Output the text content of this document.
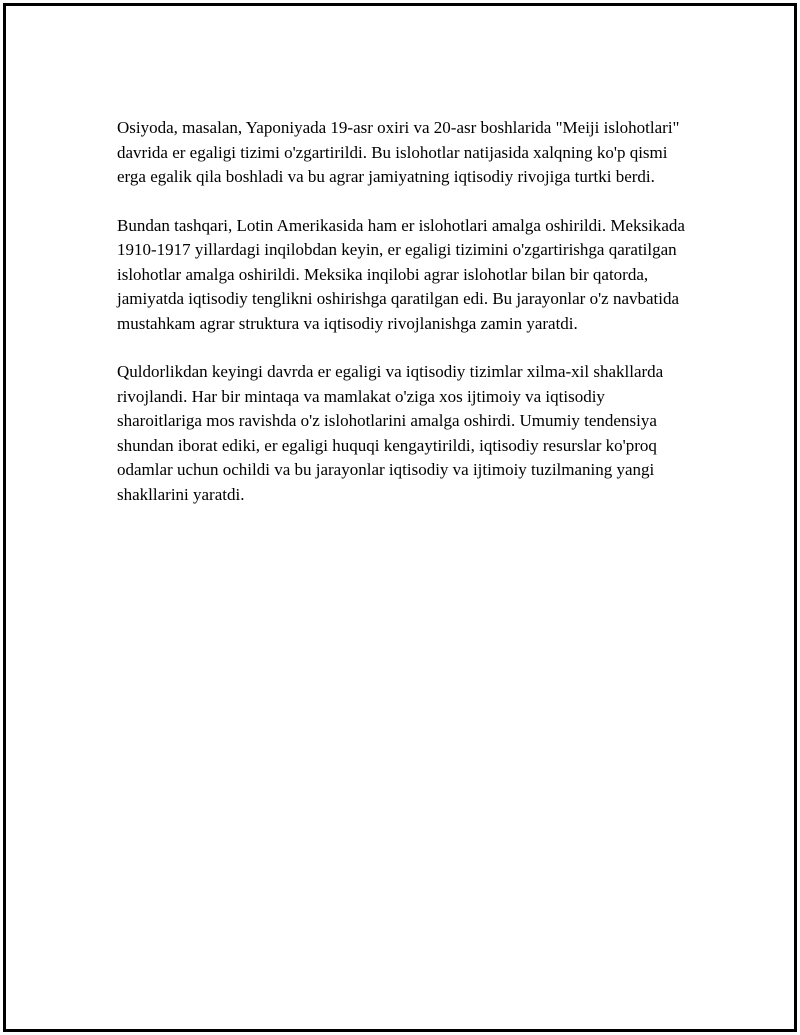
Osiyoda, masalan, Yaponiyada 19-asr oxiri va 20-asr boshlarida "Meiji islohotlari" davrida er egaligi tizimi o'zgartirildi. Bu islohotlar natijasida xalqning ko'p qismi erga egalik qila boshladi va bu agrar jamiyatning iqtisodiy rivojiga turtki berdi.

Bundan tashqari, Lotin Amerikasida ham er islohotlari amalga oshirildi. Meksikada 1910-1917 yillardagi inqilobdan keyin, er egaligi tizimini o'zgartirishga qaratilgan islohotlar amalga oshirildi. Meksika inqilobi agrar islohotlar bilan bir qatorda, jamiyatda iqtisodiy tenglikni oshirishga qaratilgan edi. Bu jarayonlar o'z navbatida mustahkam agrar struktura va iqtisodiy rivojlanishga zamin yaratdi.

Quldorlikdan keyingi davrda er egaligi va iqtisodiy tizimlar xilma-xil shakllarda rivojlandi. Har bir mintaqa va mamlakat o'ziga xos ijtimoiy va iqtisodiy sharoitlariga mos ravishda o'z islohotlarini amalga oshirdi. Umumiy tendensiya shundan iborat ediki, er egaligi huquqi kengaytirildi, iqtisodiy resurslar ko'proq odamlar uchun ochildi va bu jarayonlar iqtisodiy va ijtimoiy tuzilmaning yangi shakllarini yaratdi.
